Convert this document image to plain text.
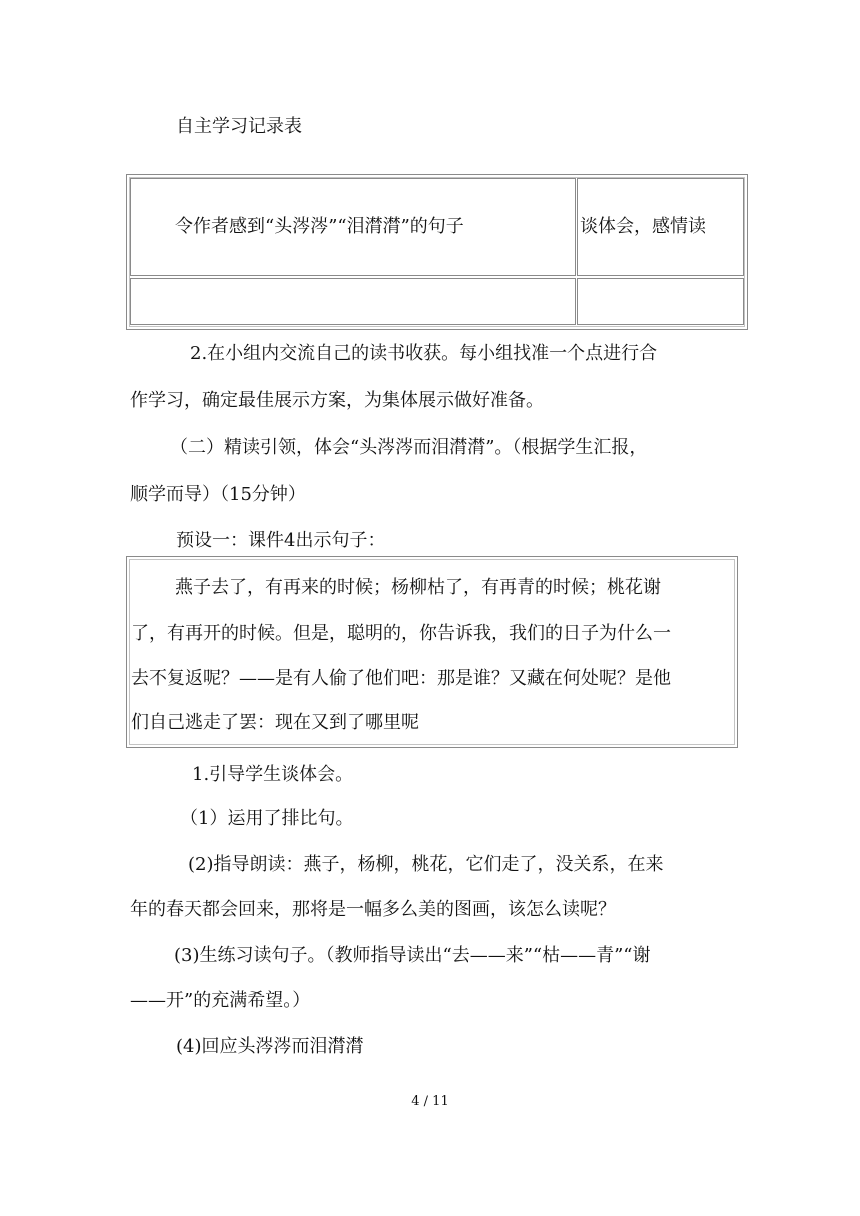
自主学习记录表
令作者感到“头涔涔”“泪潸潸”的句子	谈体会，感情读
2.在小组内交流自己的读书收获。每小组找准一个点进行合
作学习，确定最佳展示方案，为集体展示做好准备。
（二）精读引领，体会“头涔涔而泪潸潸”。（根据学生汇报，
顺学而导）（15分钟）
预设一：课件4出示句子：
燕子去了，有再来的时候；杨柳枯了，有再青的时候；桃花谢
了，有再开的时候。但是，聪明的，你告诉我，我们的日子为什么一
去不复返呢？——是有人偷了他们吧：那是谁？又藏在何处呢？是他
们自己逃走了罢：现在又到了哪里呢
1.引导学生谈体会。
（1）运用了排比句。
(2)指导朗读：燕子，杨柳，桃花，它们走了，没关系，在来
年的春天都会回来，那将是一幅多么美的图画，该怎么读呢？
(3)生练习读句子。（教师指导读出“去——来”“枯——青”“谢
——开”的充满希望。）
(4)回应头涔涔而泪潸潸
4 / 11
